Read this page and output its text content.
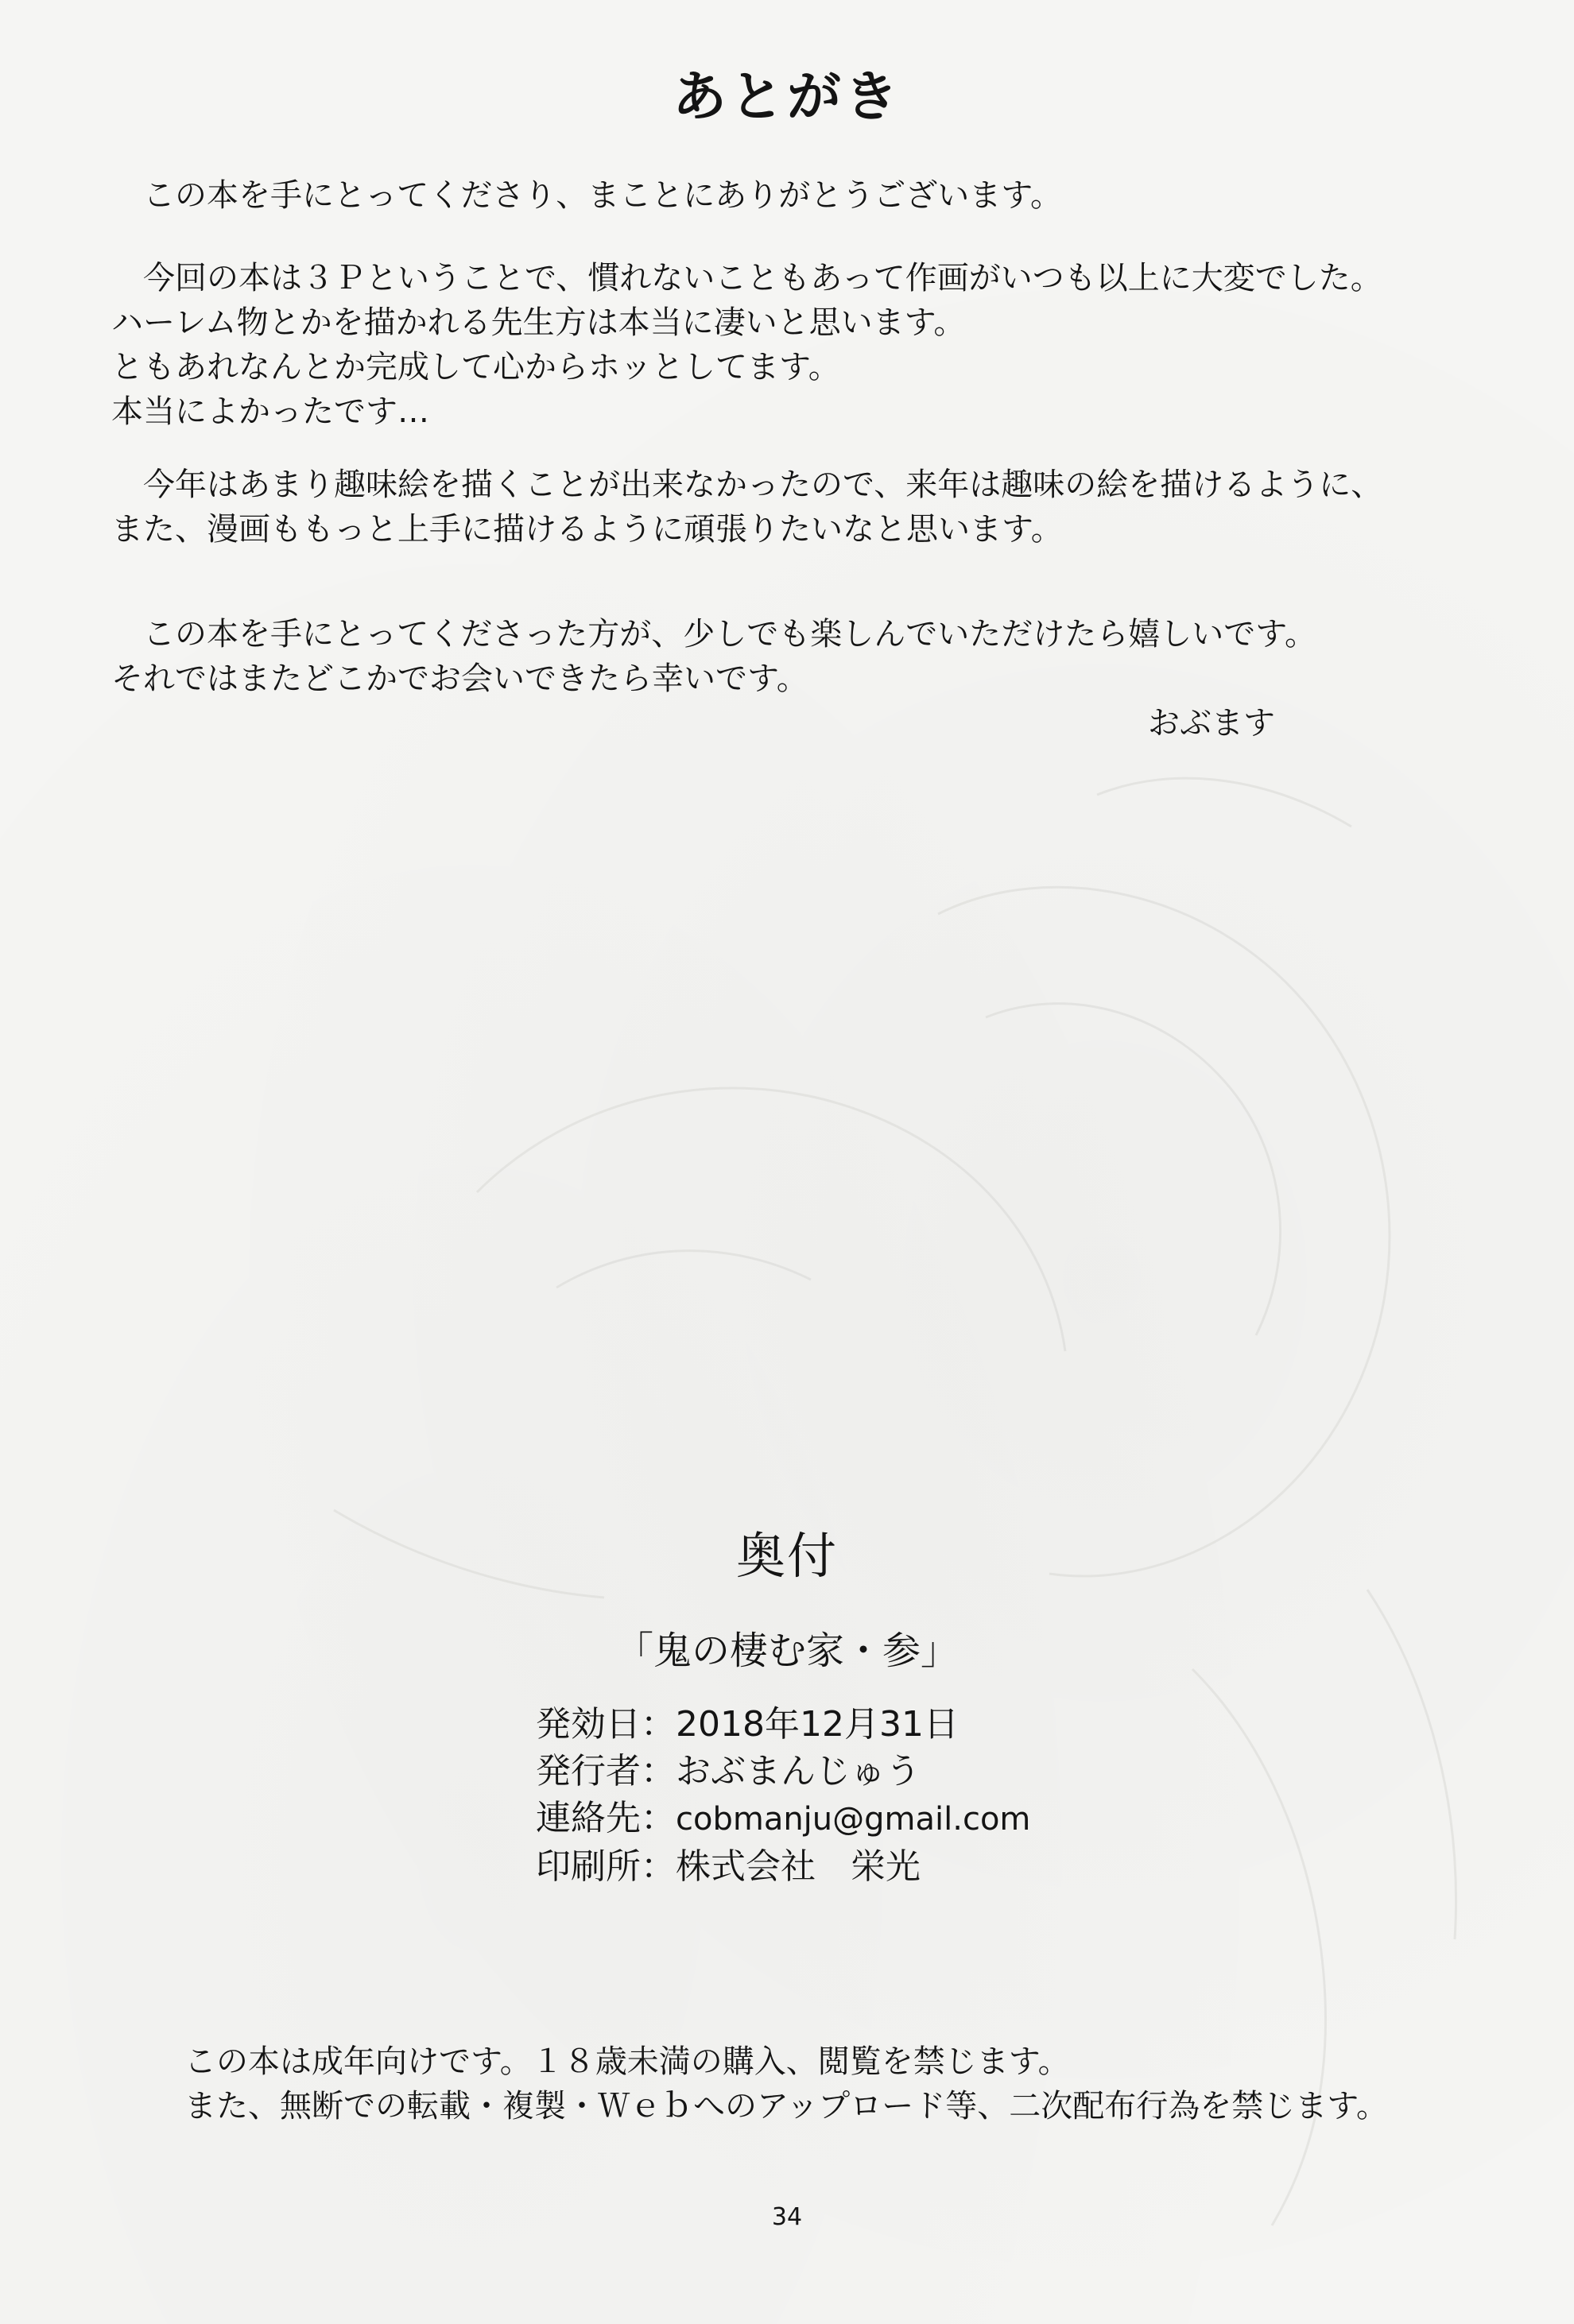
あとがき
この本を手にとってくださり、まことにありがとうございます。
今回の本は３Ｐということで、慣れないこともあって作画がいつも以上に大変でした。
ハーレム物とかを描かれる先生方は本当に凄いと思います。
ともあれなんとか完成して心からホッとしてます。
本当によかったです…
今年はあまり趣味絵を描くことが出来なかったので、来年は趣味の絵を描けるように、
また、漫画ももっと上手に描けるように頑張りたいなと思います。
この本を手にとってくださった方が、少しでも楽しんでいただけたら嬉しいです。
それではまたどこかでお会いできたら幸いです。
おぶます
奥付
「鬼の棲む家・参」
発効日：2018年12月31日
発行者：おぶまんじゅう
連絡先：cobmanju@gmail.com
印刷所：株式会社　栄光
この本は成年向けです。１８歳未満の購入、閲覧を禁じます。
また、無断での転載・複製・Ｗｅｂへのアップロード等、二次配布行為を禁じます。
34
